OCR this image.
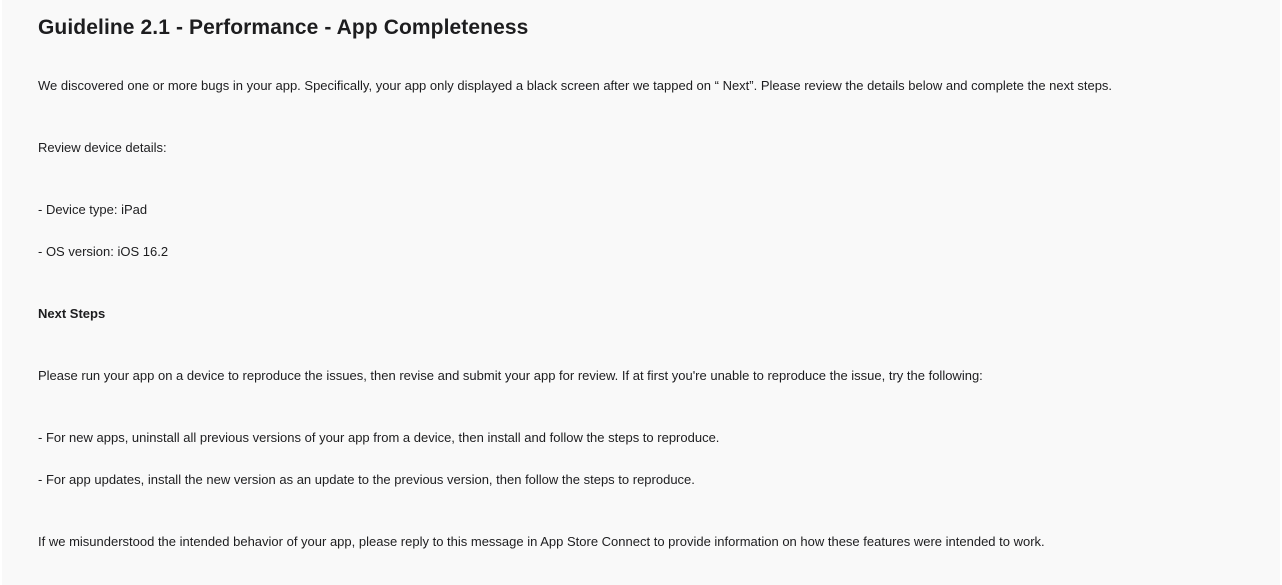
Guideline 2.1 - Performance - App Completeness

We discovered one or more bugs in your app. Specifically, your app only displayed a black screen after we tapped on “ Next”. Please review the details below and complete the next steps.

Review device details:

- Device type: iPad

- OS version: iOS 16.2

Next Steps

Please run your app on a device to reproduce the issues, then revise and submit your app for review. If at first you're unable to reproduce the issue, try the following:

- For new apps, uninstall all previous versions of your app from a device, then install and follow the steps to reproduce.

- For app updates, install the new version as an update to the previous version, then follow the steps to reproduce.

If we misunderstood the intended behavior of your app, please reply to this message in App Store Connect to provide information on how these features were intended to work.
